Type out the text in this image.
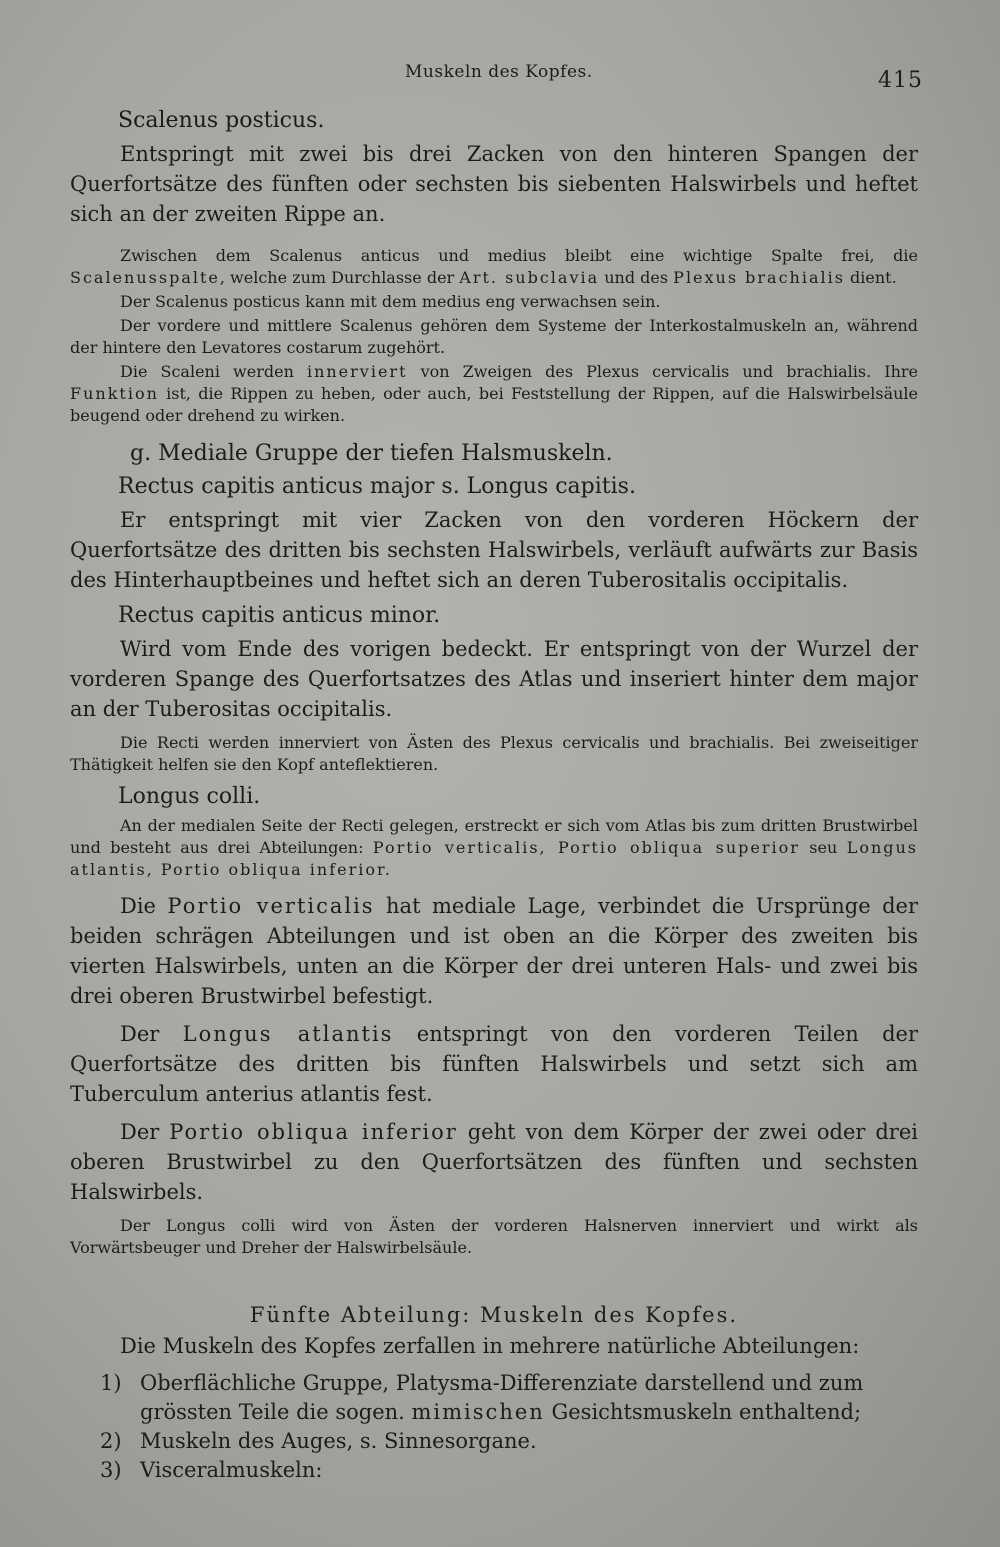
Muskeln des Kopfes.	415
Scalenus posticus.

Entspringt mit zwei bis drei Zacken von den hinteren Spangen der Querfortsätze des fünften oder sechsten bis siebenten Halswirbels und heftet sich an der zweiten Rippe an.

Zwischen dem Scalenus anticus und medius bleibt eine wichtige Spalte frei, die Scalenusspalte, welche zum Durchlasse der Art. subclavia und des Plexus brachialis dient.

Der Scalenus posticus kann mit dem medius eng verwachsen sein.

Der vordere und mittlere Scalenus gehören dem Systeme der Interkostalmuskeln an, während der hintere den Levatores costarum zugehört.

Die Scaleni werden innerviert von Zweigen des Plexus cervicalis und brachialis. Ihre Funktion ist, die Rippen zu heben, oder auch, bei Feststellung der Rippen, auf die Halswirbelsäule beugend oder drehend zu wirken.

g. Mediale Gruppe der tiefen Halsmuskeln.
Rectus capitis anticus major s. Longus capitis.

Er entspringt mit vier Zacken von den vorderen Höckern der Querfortsätze des dritten bis sechsten Halswirbels, verläuft aufwärts zur Basis des Hinterhauptbeines und heftet sich an deren Tuberositalis occipitalis.

Rectus capitis anticus minor.

Wird vom Ende des vorigen bedeckt. Er entspringt von der Wurzel der vorderen Spange des Querfortsatzes des Atlas und inseriert hinter dem major an der Tuberositas occipitalis.

Die Recti werden innerviert von Ästen des Plexus cervicalis und brachialis. Bei zweiseitiger Thätigkeit helfen sie den Kopf anteflektieren.

Longus colli.

An der medialen Seite der Recti gelegen, erstreckt er sich vom Atlas bis zum dritten Brustwirbel und besteht aus drei Abteilungen: Portio verticalis, Portio obliqua superior seu Longus atlantis, Portio obliqua inferior.

Die Portio verticalis hat mediale Lage, verbindet die Ursprünge der beiden schrägen Abteilungen und ist oben an die Körper des zweiten bis vierten Halswirbels, unten an die Körper der drei unteren Hals- und zwei bis drei oberen Brustwirbel befestigt.

Der Longus atlantis entspringt von den vorderen Teilen der Querfortsätze des dritten bis fünften Halswirbels und setzt sich am Tuberculum anterius atlantis fest.

Der Portio obliqua inferior geht von dem Körper der zwei oder drei oberen Brustwirbel zu den Querfortsätzen des fünften und sechsten Halswirbels.

Der Longus colli wird von Ästen der vorderen Halsnerven innerviert und wirkt als Vorwärtsbeuger und Dreher der Halswirbelsäule.

Fünfte Abteilung: Muskeln des Kopfes.

Die Muskeln des Kopfes zerfallen in mehrere natürliche Abteilungen:

1) Oberflächliche Gruppe, Platysma-Differenziate darstellend und zum grössten Teile die sogen. mimischen Gesichtsmuskeln enthaltend;
2) Muskeln des Auges, s. Sinnesorgane.
3) Visceralmuskeln:
